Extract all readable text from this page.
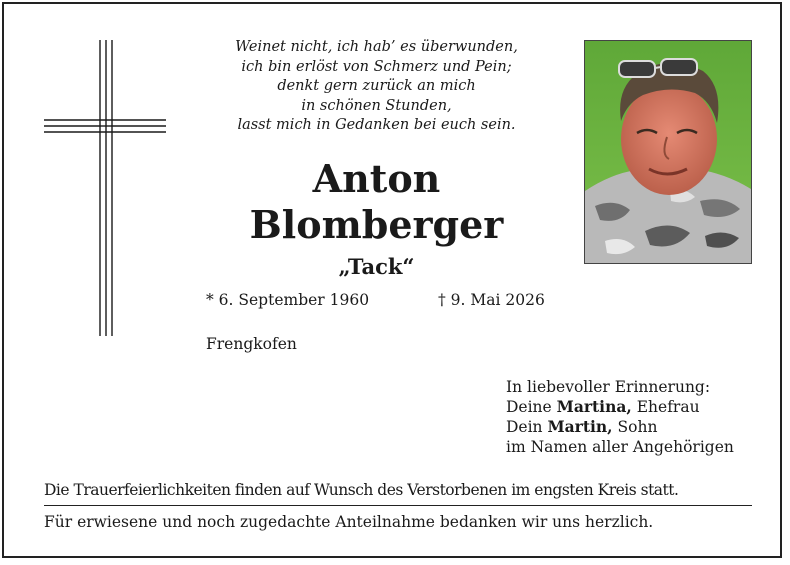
Weinet nicht, ich hab’ es überwunden,
ich bin erlöst von Schmerz und Pein;
denkt gern zurück an mich
in schönen Stunden,
lasst mich in Gedanken bei euch sein.
Anton
Blomberger
„Tack“
* 6. September 1960	† 9. Mai 2026
Frengkofen
In liebevoller Erinnerung:
Deine Martina, Ehefrau
Dein Martin, Sohn
im Namen aller Angehörigen
Die Trauerfeierlichkeiten finden auf Wunsch des Verstorbenen im engsten Kreis statt.
Für erwiesene und noch zugedachte Anteilnahme bedanken wir uns herzlich.
